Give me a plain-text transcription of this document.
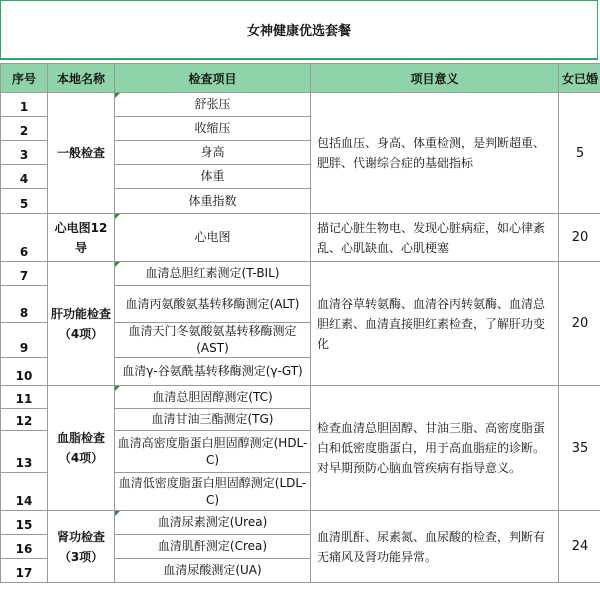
女神健康优选套餐
序号	本地名称	检查项目	项目意义	女已婚
1	一般检查	舒张压	包括血压、身高、体重检测，是判断超重、肥胖、代谢综合症的基础指标	5
2		收缩压		
3		身高		
4		体重		
5		体重指数		
6	心电图12导	心电图	描记心脏生物电、发现心脏病症，如心律紊乱、心肌缺血、心肌梗塞	20
7	肝功能检查（4项）	血清总胆红素测定(T-BIL)	血清谷草转氨酶、血清谷丙转氨酶、血清总胆红素、血清直接胆红素检查，了解肝功变化	20
8		血清丙氨酸氨基转移酶测定(ALT)		
9		血清天门冬氨酸氨基转移酶测定(AST)		
10		血清γ-谷氨酰基转移酶测定(γ-GT)		
11	血脂检查（4项）	血清总胆固醇测定(TC)	检查血清总胆固醇、甘油三脂、高密度脂蛋白和低密度脂蛋白，用于高血脂症的诊断。对早期预防心脑血管疾病有指导意义。	35
12		血清甘油三酯测定(TG)		
13		血清高密度脂蛋白胆固醇测定(HDL-C)		
14		血清低密度脂蛋白胆固醇测定(LDL-C)		
15	肾功检查（3项）	血清尿素测定(Urea)	血清肌酐、尿素氮、血尿酸的检查，判断有无痛风及肾功能异常。	24
16		血清肌酐测定(Crea)		
17		血清尿酸测定(UA)		
